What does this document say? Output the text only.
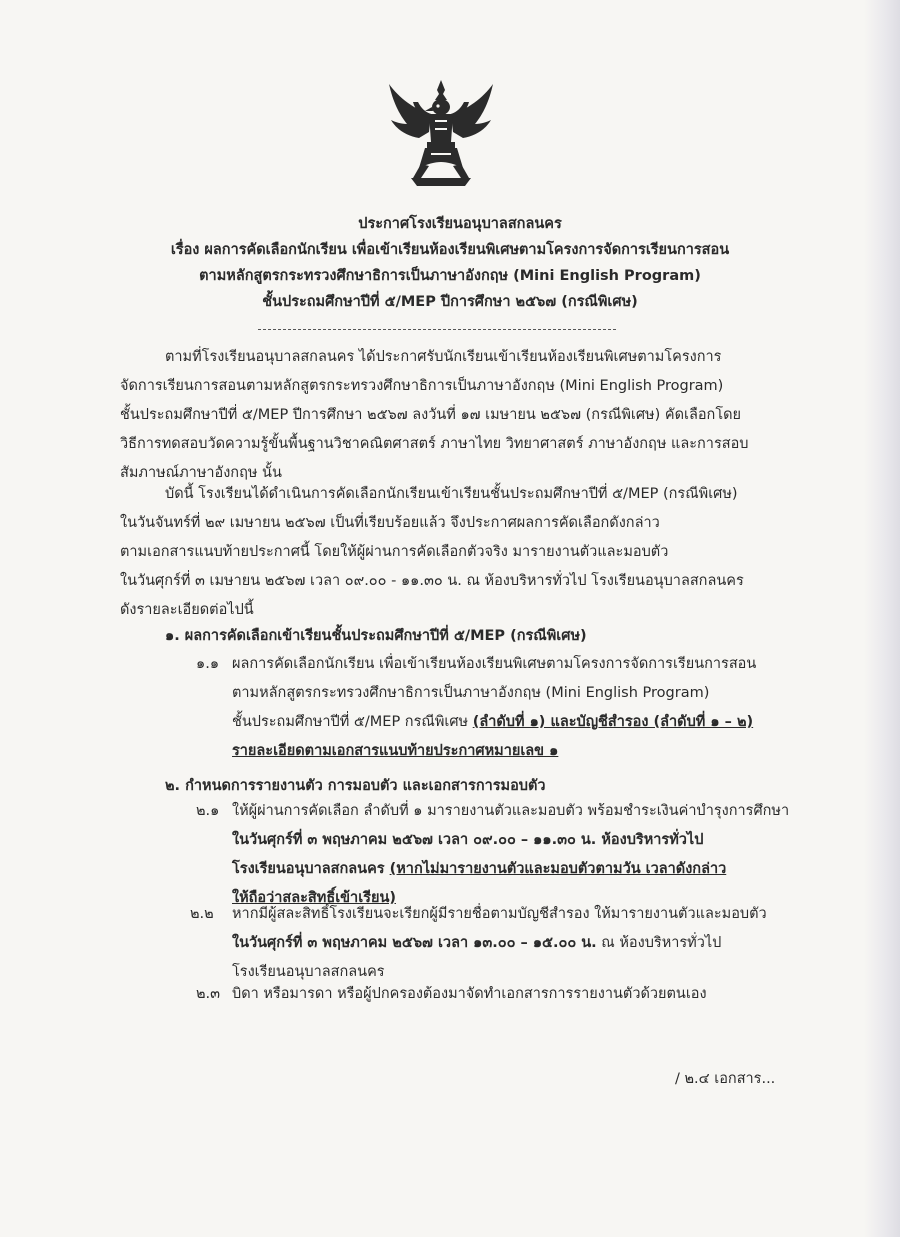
ประกาศโรงเรียนอนุบาลสกลนคร
เรื่อง ผลการคัดเลือกนักเรียน เพื่อเข้าเรียนห้องเรียนพิเศษตามโครงการจัดการเรียนการสอน
ตามหลักสูตรกระทรวงศึกษาธิการเป็นภาษาอังกฤษ (Mini English Program)
ชั้นประถมศึกษาปีที่ ๕/MEP ปีการศึกษา ๒๕๖๗ (กรณีพิเศษ)
ตามที่โรงเรียนอนุบาลสกลนคร ได้ประกาศรับนักเรียนเข้าเรียนห้องเรียนพิเศษตามโครงการ
จัดการเรียนการสอนตามหลักสูตรกระทรวงศึกษาธิการเป็นภาษาอังกฤษ (Mini English Program)
ชั้นประถมศึกษาปีที่ ๕/MEP ปีการศึกษา ๒๕๖๗ ลงวันที่ ๑๗ เมษายน ๒๕๖๗ (กรณีพิเศษ) คัดเลือกโดย
วิธีการทดสอบวัดความรู้ขั้นพื้นฐานวิชาคณิตศาสตร์ ภาษาไทย วิทยาศาสตร์ ภาษาอังกฤษ และการสอบ
สัมภาษณ์ภาษาอังกฤษ นั้น
บัดนี้ โรงเรียนได้ดำเนินการคัดเลือกนักเรียนเข้าเรียนชั้นประถมศึกษาปีที่ ๕/MEP (กรณีพิเศษ)
ในวันจันทร์ที่ ๒๙ เมษายน ๒๕๖๗ เป็นที่เรียบร้อยแล้ว จึงประกาศผลการคัดเลือกดังกล่าว
ตามเอกสารแนบท้ายประกาศนี้ โดยให้ผู้ผ่านการคัดเลือกตัวจริง มารายงานตัวและมอบตัว
ในวันศุกร์ที่ ๓ เมษายน ๒๕๖๗ เวลา ๐๙.๐๐ - ๑๑.๓๐ น. ณ ห้องบริหารทั่วไป โรงเรียนอนุบาลสกลนคร
ดังรายละเอียดต่อไปนี้
๑. ผลการคัดเลือกเข้าเรียนชั้นประถมศึกษาปีที่ ๕/MEP (กรณีพิเศษ)
๑.๑ ผลการคัดเลือกนักเรียน เพื่อเข้าเรียนห้องเรียนพิเศษตามโครงการจัดการเรียนการสอน
ตามหลักสูตรกระทรวงศึกษาธิการเป็นภาษาอังกฤษ (Mini English Program)
ชั้นประถมศึกษาปีที่ ๕/MEP กรณีพิเศษ (ลำดับที่ ๑) และบัญชีสำรอง (ลำดับที่ ๑ – ๒)
รายละเอียดตามเอกสารแนบท้ายประกาศหมายเลข ๑
๒. กำหนดการรายงานตัว การมอบตัว และเอกสารการมอบตัว
๒.๑ ให้ผู้ผ่านการคัดเลือก ลำดับที่ ๑ มารายงานตัวและมอบตัว พร้อมชำระเงินค่าบำรุงการศึกษา
ในวันศุกร์ที่ ๓ พฤษภาคม ๒๕๖๗ เวลา ๐๙.๐๐ – ๑๑.๓๐ น. ห้องบริหารทั่วไป
โรงเรียนอนุบาลสกลนคร (หากไม่มารายงานตัวและมอบตัวตามวัน เวลาดังกล่าว
ให้ถือว่าสละสิทธิ์เข้าเรียน)
๒.๒ หากมีผู้สละสิทธิ์โรงเรียนจะเรียกผู้มีรายชื่อตามบัญชีสำรอง ให้มารายงานตัวและมอบตัว
ในวันศุกร์ที่ ๓ พฤษภาคม ๒๕๖๗ เวลา ๑๓.๐๐ – ๑๕.๐๐ น. ณ ห้องบริหารทั่วไป
โรงเรียนอนุบาลสกลนคร
๒.๓ บิดา หรือมารดา หรือผู้ปกครองต้องมาจัดทำเอกสารการรายงานตัวด้วยตนเอง
/ ๒.๔ เอกสาร...
